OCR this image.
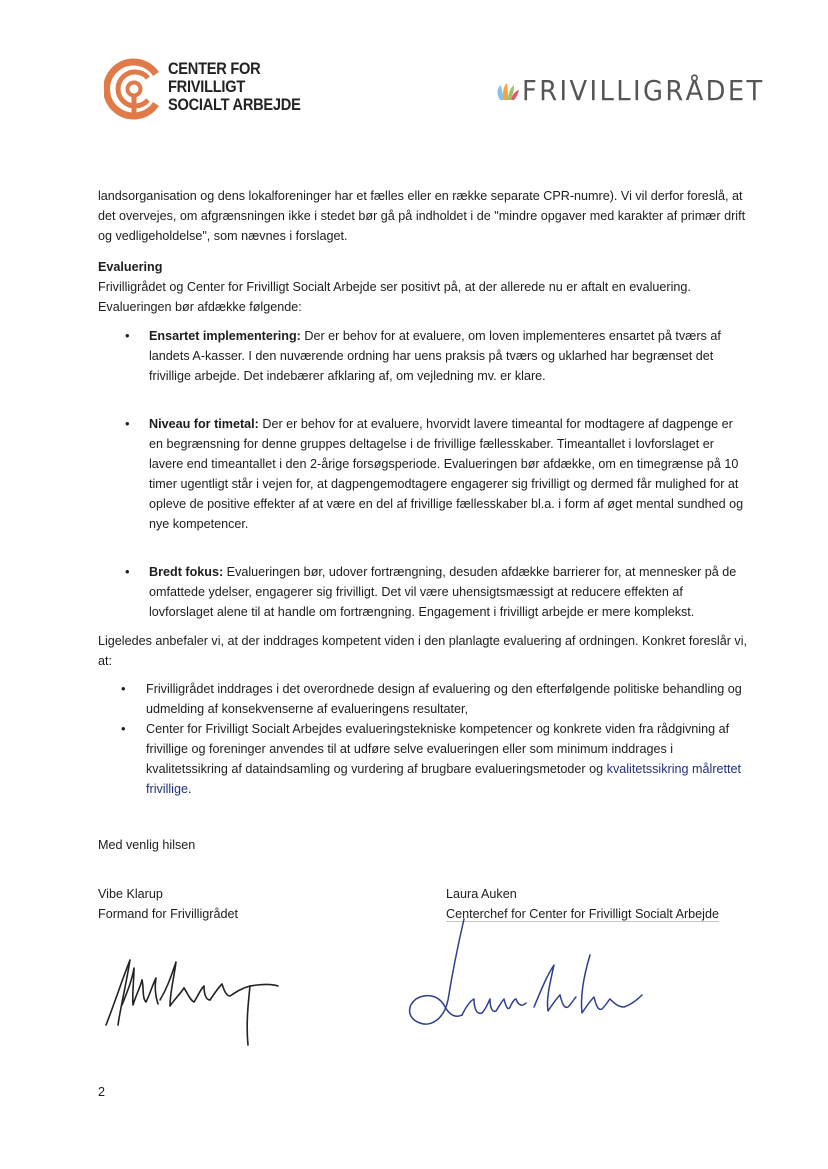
CENTER FOR
FRIVILLIGT
SOCIALT ARBEJDE	FRIVILLIGRÅDET
landsorganisation og dens lokalforeninger har et fælles eller en række separate CPR-numre). Vi vil derfor foreslå, at det overvejes, om afgrænsningen ikke i stedet bør gå på indholdet i de "mindre opgaver med karakter af primær drift og vedligeholdelse", som nævnes i forslaget.
Evaluering
Frivilligrådet og Center for Frivilligt Socialt Arbejde ser positivt på, at der allerede nu er aftalt en evaluering. Evalueringen bør afdække følgende:
• Ensartet implementering: Der er behov for at evaluere, om loven implementeres ensartet på tværs af landets A-kasser. I den nuværende ordning har uens praksis på tværs og uklarhed har begrænset det frivillige arbejde. Det indebærer afklaring af, om vejledning mv. er klare.
• Niveau for timetal: Der er behov for at evaluere, hvorvidt lavere timeantal for modtagere af dagpenge er en begrænsning for denne gruppes deltagelse i de frivillige fællesskaber. Timeantallet i lovforslaget er lavere end timeantallet i den 2-årige forsøgsperiode. Evalueringen bør afdække, om en timegrænse på 10 timer ugentligt står i vejen for, at dagpengemodtagere engagerer sig frivilligt og dermed får mulighed for at opleve de positive effekter af at være en del af frivillige fællesskaber bl.a. i form af øget mental sundhed og nye kompetencer.
• Bredt fokus: Evalueringen bør, udover fortrængning, desuden afdække barrierer for, at mennesker på de omfattede ydelser, engagerer sig frivilligt. Det vil være uhensigtsmæssigt at reducere effekten af lovforslaget alene til at handle om fortrængning. Engagement i frivilligt arbejde er mere komplekst.
Ligeledes anbefaler vi, at der inddrages kompetent viden i den planlagte evaluering af ordningen. Konkret foreslår vi, at:
• Frivilligrådet inddrages i det overordnede design af evaluering og den efterfølgende politiske behandling og udmelding af konsekvenserne af evalueringens resultater,
• Center for Frivilligt Socialt Arbejdes evalueringstekniske kompetencer og konkrete viden fra rådgivning af frivillige og foreninger anvendes til at udføre selve evalueringen eller som minimum inddrages i kvalitetssikring af dataindsamling og vurdering af brugbare evalueringsmetoder og kvalitetssikring målrettet frivillige.
Med venlig hilsen
Vibe Klarup
Formand for Frivilligrådet
Laura Auken
Centerchef for Center for Frivilligt Socialt Arbejde
2
